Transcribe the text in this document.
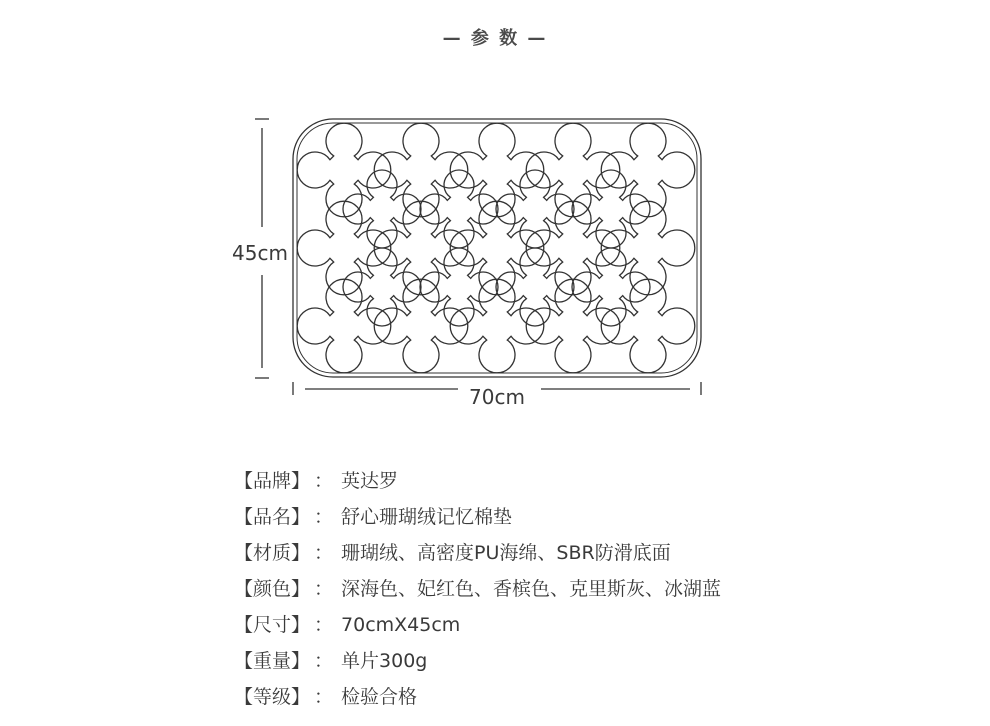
— 参 数 —
45cm
70cm
【品牌】 ： 英达罗
【品名】 ： 舒心珊瑚绒记忆棉垫
【材质】 ： 珊瑚绒、高密度PU海绵、SBR防滑底面
【颜色】 ： 深海色、妃红色、香槟色、克里斯灰、冰湖蓝
【尺寸】 ： 70cmX45cm
【重量】 ： 单片300g
【等级】 ： 检验合格
